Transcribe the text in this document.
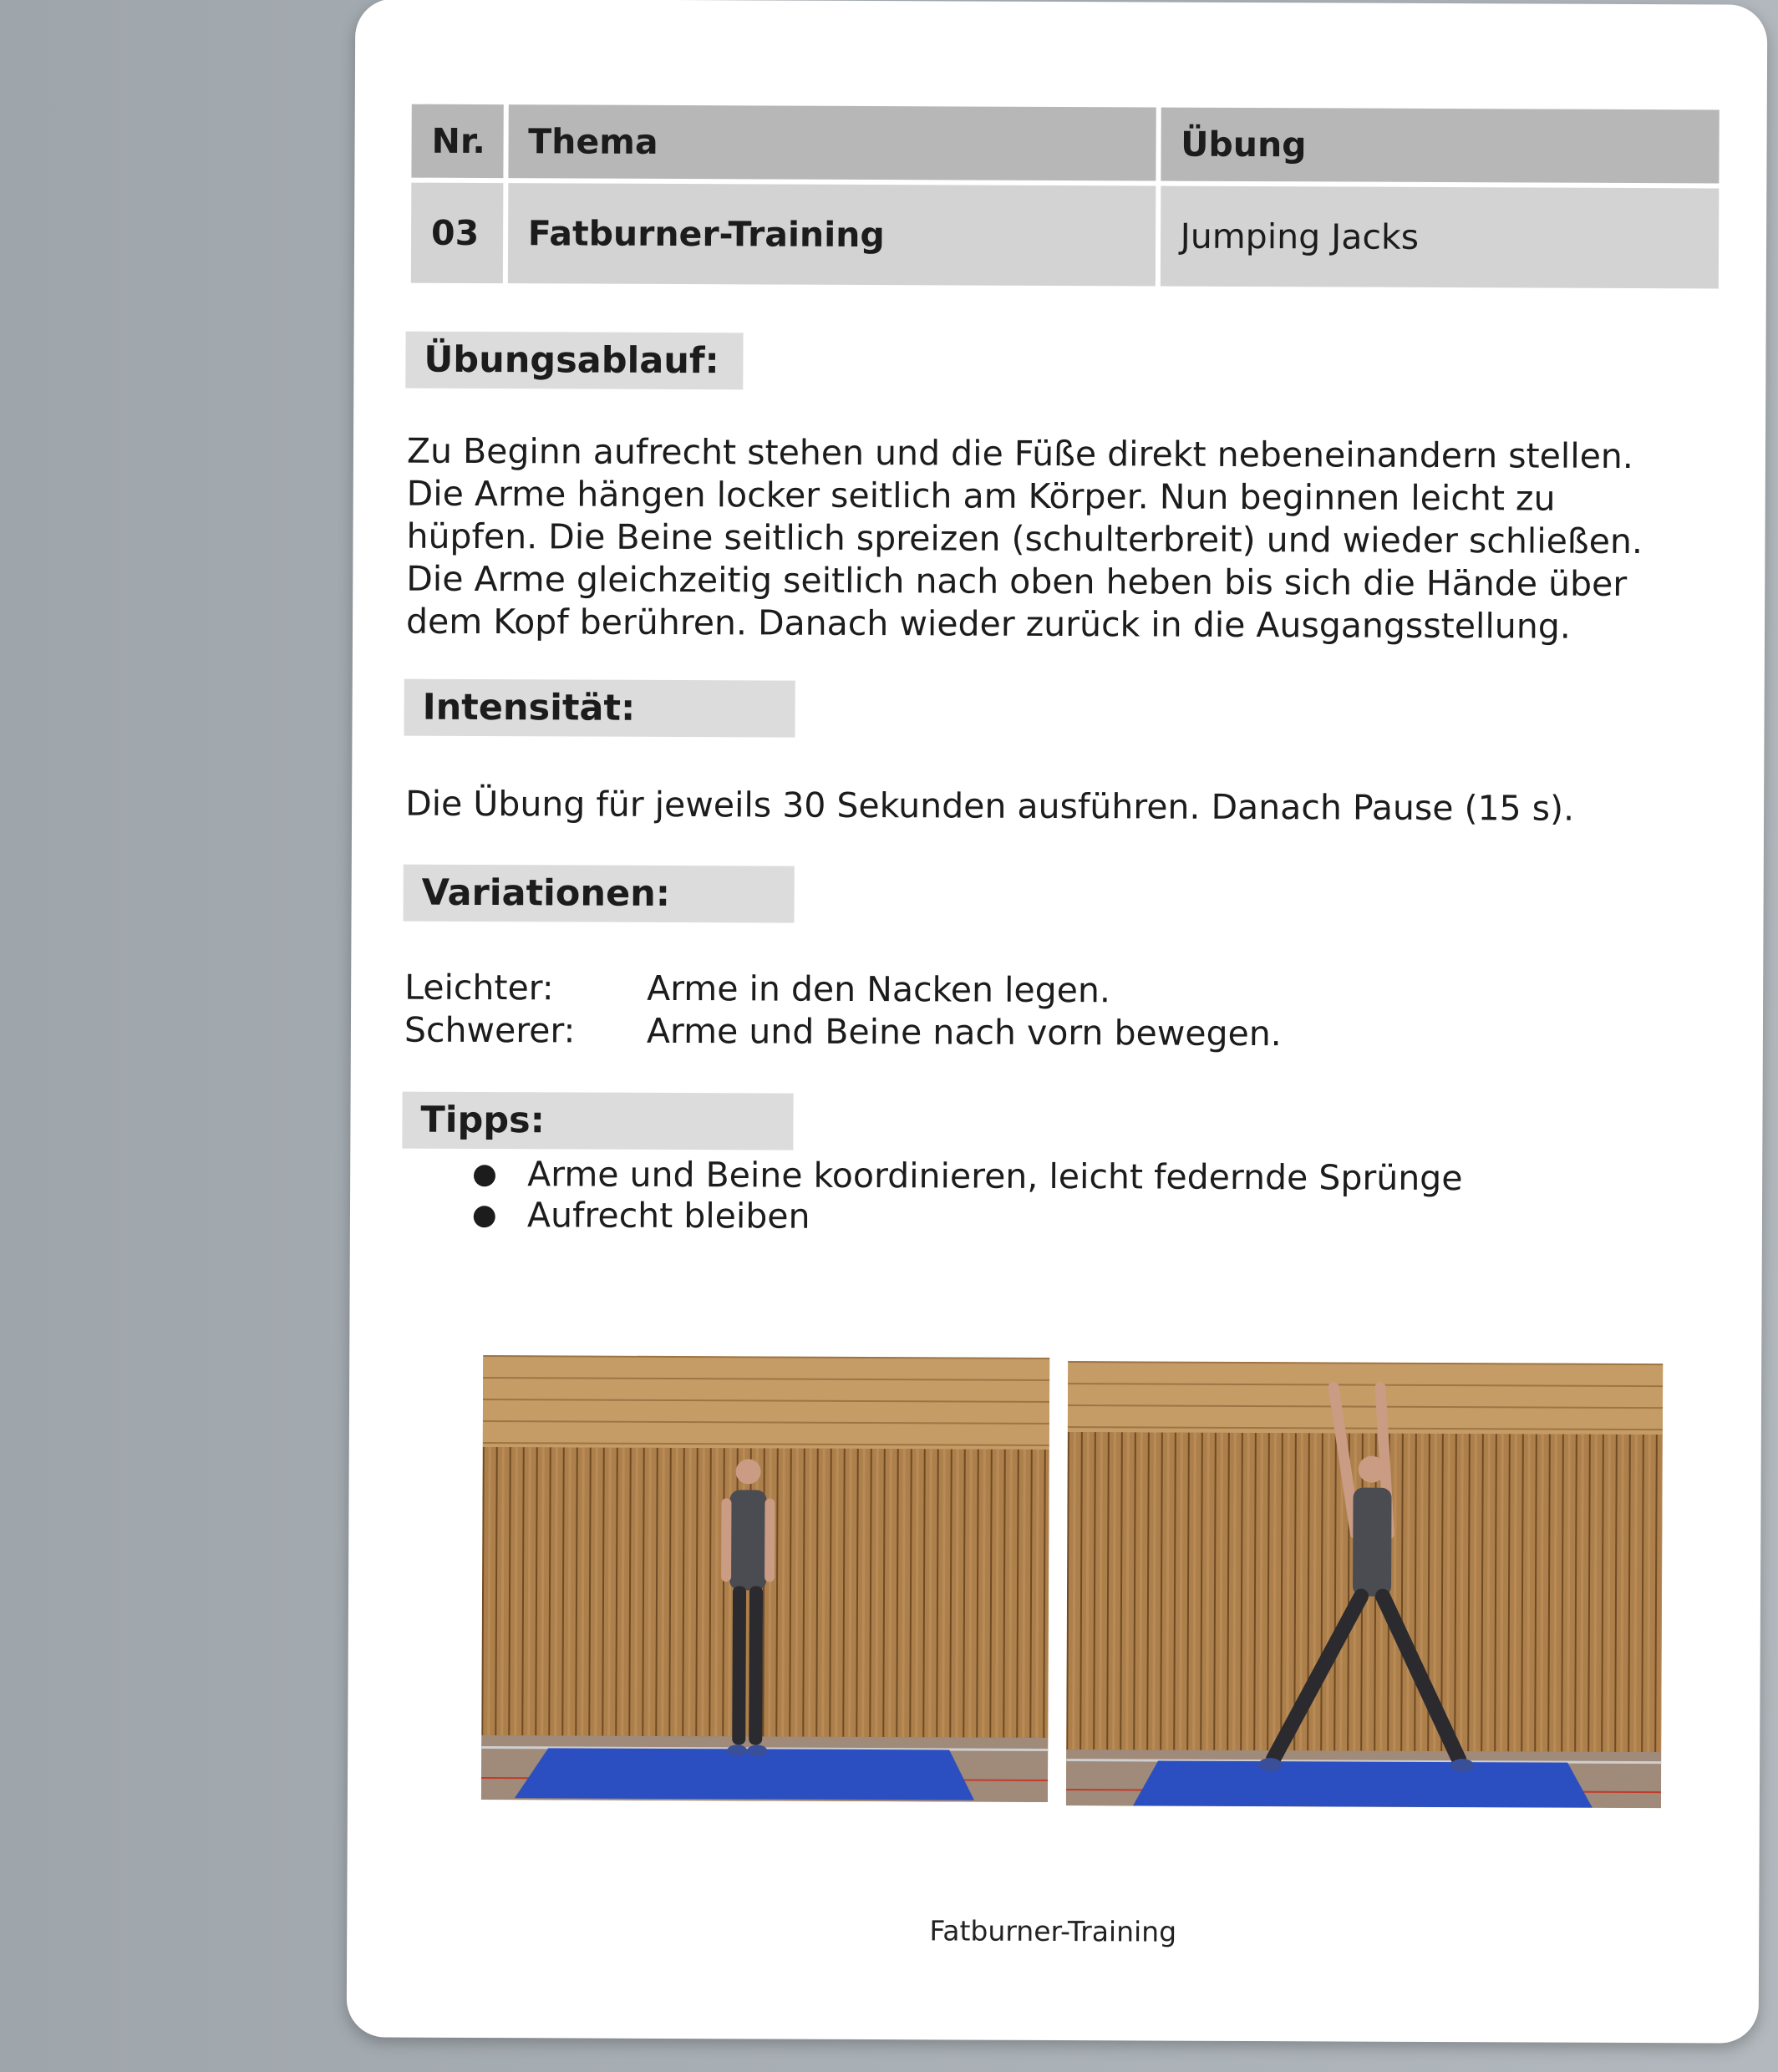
Nr.	Thema	Übung
03	Fatburner-Training	Jumping Jacks
Übungsablauf:
Zu Beginn aufrecht stehen und die Füße direkt nebeneinandern stellen.
Die Arme hängen locker seitlich am Körper. Nun beginnen leicht zu
hüpfen. Die Beine seitlich spreizen (schulterbreit) und wieder schließen.
Die Arme gleichzeitig seitlich nach oben heben bis sich die Hände über
dem Kopf berühren. Danach wieder zurück in die Ausgangsstellung.
Intensität:
Die Übung für jeweils 30 Sekunden ausführen. Danach Pause (15 s).
Variationen:
Leichter:	Arme in den Nacken legen.
Schwerer:	Arme und Beine nach vorn bewegen.
Tipps:
● Arme und Beine koordinieren, leicht federnde Sprünge
● Aufrecht bleiben
Fatburner-Training
